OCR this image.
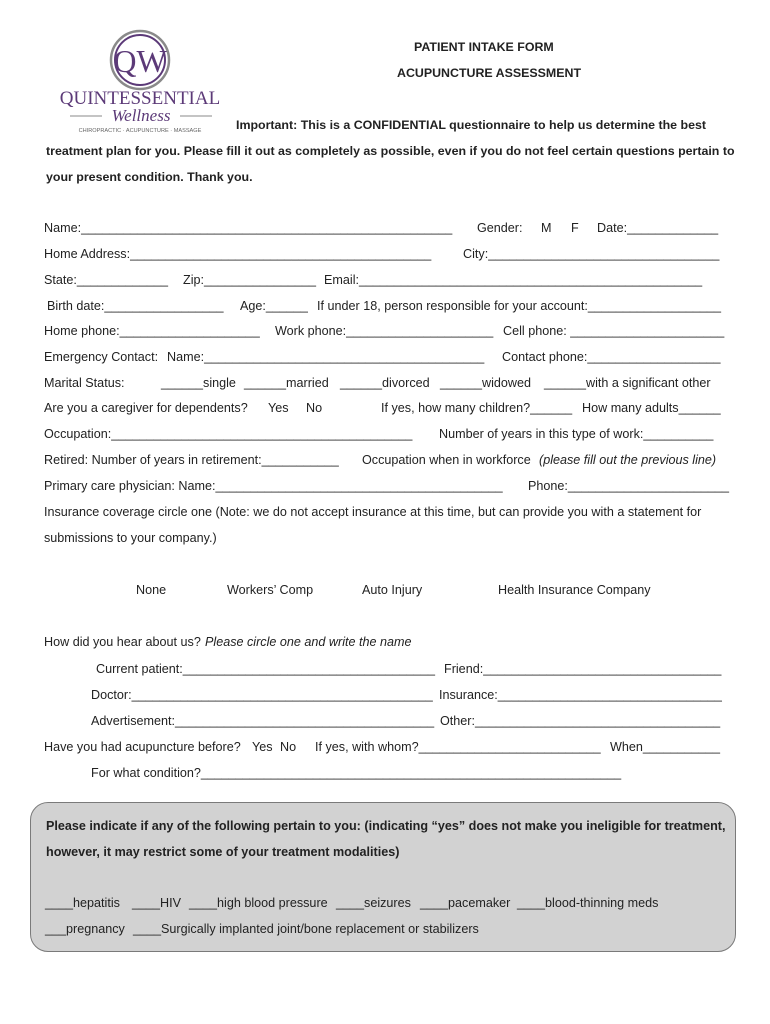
QW
QUINTESSENTIAL
Wellness
CHIROPRACTIC · ACUPUNCTURE · MASSAGE
PATIENT INTAKE FORM
ACUPUNCTURE ASSESSMENT
Important: This is a CONFIDENTIAL questionnaire to help us determine the best
treatment plan for you. Please fill it out as completely as possible, even if you do not feel certain questions pertain to
your present condition. Thank you.
Name:_____________________________________________________ Gender: M F Date:_____________
Home Address:___________________________________________	City:_________________________________
State:_____________ Zip:________________ Email:_________________________________________________
Birth date:_________________ Age:______ If under 18, person responsible for your account:___________________
Home phone:____________________ Work phone:_____________________ Cell phone: ______________________
Emergency Contact: Name:________________________________________ Contact phone:___________________
Marital Status:	______single ______married ______divorced ______widowed ______with a significant other
Are you a caregiver for dependents? Yes No	If yes, how many children?______ How many adults______
Occupation:___________________________________________ Number of years in this type of work:__________
Retired: Number of years in retirement:___________ Occupation when in workforce (please fill out the previous line)
Primary care physician: Name:_________________________________________ Phone:_______________________
Insurance coverage circle one (Note: we do not accept insurance at this time, but can provide you with a statement for
submissions to your company.)
None	Workers’ Comp	Auto Injury	Health Insurance Company
How did you hear about us? Please circle one and write the name
Current patient:____________________________________ Friend:__________________________________
Doctor:___________________________________________ Insurance:________________________________
Advertisement:_____________________________________ Other:___________________________________
Have you had acupuncture before? Yes No If yes, with whom?__________________________ When___________
For what condition?____________________________________________________________
Please indicate if any of the following pertain to you: (indicating “yes” does not make you ineligible for treatment,
however, it may restrict some of your treatment modalities)
____hepatitis ____HIV ____high blood pressure ____seizures ____pacemaker ____blood-thinning meds
___pregnancy ____Surgically implanted joint/bone replacement or stabilizers
